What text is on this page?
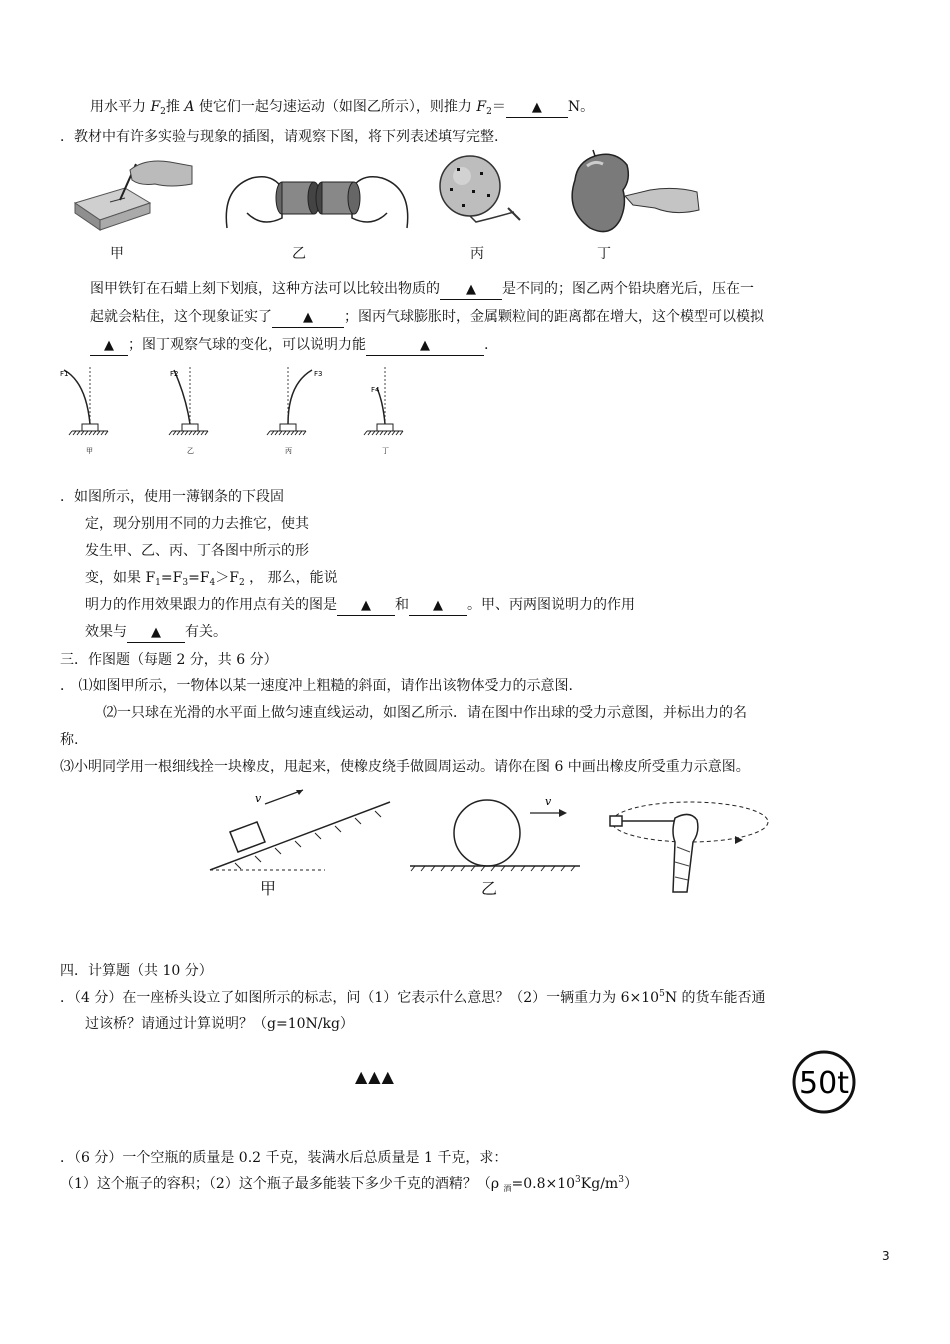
用水平力 $F_2$推 A 使它们一起匀速运动（如图乙所示），则推力 $F_2=$ ▲ N。
．教材中有许多实验与现象的插图，请观察下图，将下列表述填写完整.
甲	乙	丙	丁
图甲铁钉在石蜡上刻下划痕，这种方法可以比较出物质的 ▲ 是不同的；图乙两个铅块磨光后，压在一
起就会粘住，这个现象证实了 ▲ ；图丙气球膨胀时，金属颗粒间的距离都在增大，这个模型可以模拟
▲ ；图丁观察气球的变化，可以说明力能	▲	.
F1
甲
F2
乙
F3
丙
F4
丁
．如图所示，使用一薄钢条的下段固
定，现分别用不同的力去推它，使其
发生甲、乙、丙、丁各图中所示的形
变，如果 $F_1=F_3=F_4>F_2$ ， 那么，能说
明力的作用效果跟力的作用点有关的图是 ▲ 和 ▲ 。甲、丙两图说明力的作用
效果与 ▲ 有关。
三．作图题（每题 2 分，共 6 分）
． ⑴如图甲所示，一物体以某一速度冲上粗糙的斜面，请作出该物体受力的示意图.
⑵一只球在光滑的水平面上做匀速直线运动，如图乙所示．请在图中作出球的受力示意图，并标出力的名
称.
⑶小明同学用一根细线拴一块橡皮，甩起来，使橡皮绕手做圆周运动。请你在图 6 中画出橡皮所受重力示意图。
v
甲
v
乙
四．计算题（共 10 分）
．（4 分）在一座桥头设立了如图所示的标志，问（1）它表示什么意思？（2）一辆重力为 $6\times 10^5N$ 的货车能否通
过该桥？请通过计算说明？（g=10N/kg）
▲▲▲	50t
．（6 分）一个空瓶的质量是 0.2 千克，装满水后总质量是 1 千克，求：
（1）这个瓶子的容积；（2）这个瓶子最多能装下多少千克的酒精？（ρ $_酒=0.8\times 10^3Kg/m^3$）
3
